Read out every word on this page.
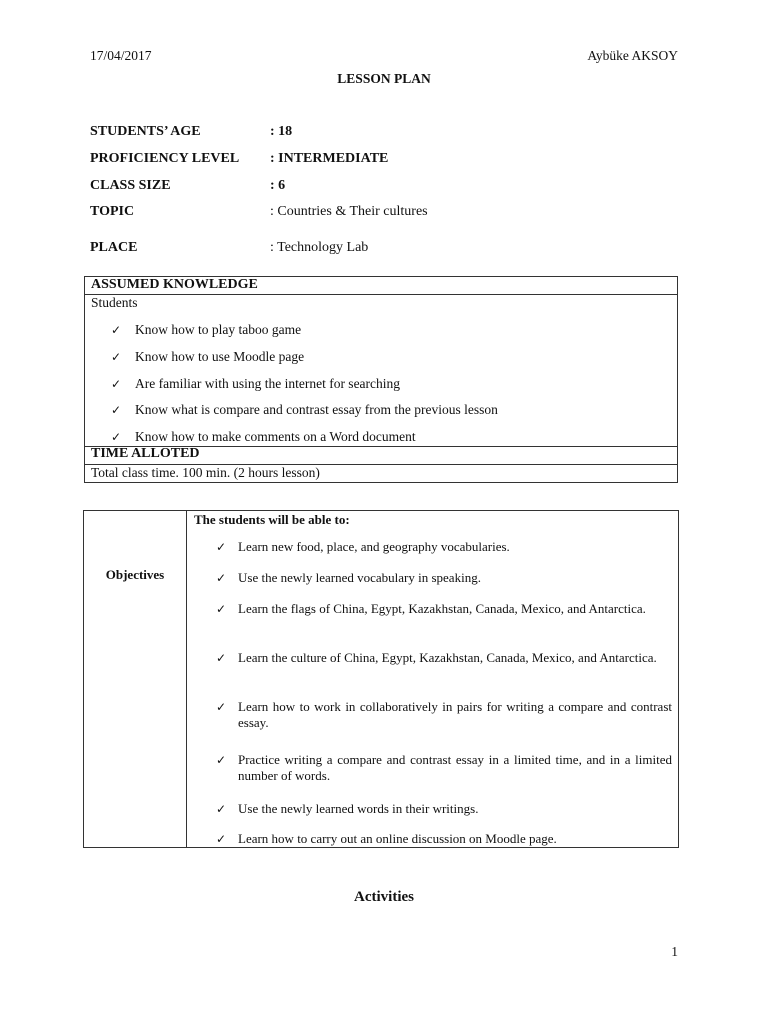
17/04/2017	Aybüke AKSOY
LESSON PLAN
STUDENTS’ AGE	: 18
PROFICIENCY LEVEL : INTERMEDIATE
CLASS SIZE	: 6
TOPIC	: Countries & Their cultures
PLACE	: Technology Lab
ASSUMED KNOWLEDGE
Students
✓ Know how to play taboo game
✓ Know how to use Moodle page
✓ Are familiar with using the internet for searching
✓ Know what is compare and contrast essay from the previous lesson
✓ Know how to make comments on a Word document
TIME ALLOTED
Total class time. 100 min. (2 hours lesson)
Objectives
The students will be able to:
✓ Learn new food, place, and geography vocabularies.
✓ Use the newly learned vocabulary in speaking.
✓ Learn the flags of China, Egypt, Kazakhstan, Canada, Mexico, and Antarctica.
✓ Learn the culture of China, Egypt, Kazakhstan, Canada, Mexico, and Antarctica.
✓ Learn how to work in collaboratively in pairs for writing a compare and contrast essay.
✓ Practice writing a compare and contrast essay in a limited time, and in a limited number of words.
✓ Use the newly learned words in their writings.
✓ Learn how to carry out an online discussion on Moodle page.
Activities
1
